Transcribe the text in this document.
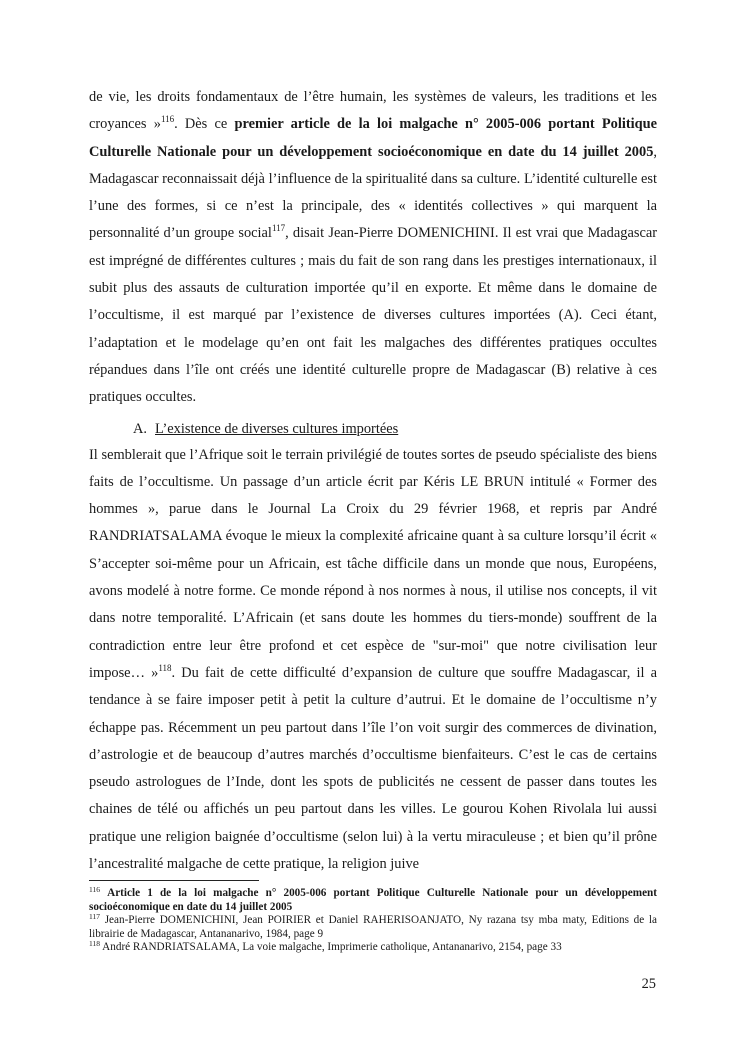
de vie, les droits fondamentaux de l’être humain, les systèmes de valeurs, les traditions et les croyances »$^{116}$. Dès ce premier article de la loi malgache n° 2005-006 portant Politique Culturelle Nationale pour un développement socioéconomique en date du 14 juillet 2005, Madagascar reconnaissait déjà l’influence de la spiritualité dans sa culture. L’identité culturelle est l’une des formes, si ce n’est la principale, des « identités collectives » qui marquent la personnalité d’un groupe social$^{117}$, disait Jean-Pierre DOMENICHINI. Il est vrai que Madagascar est imprégné de différentes cultures ; mais du fait de son rang dans les prestiges internationaux, il subit plus des assauts de culturation importée qu’il en exporte. Et même dans le domaine de l’occultisme, il est marqué par l’existence de diverses cultures importées (A). Ceci étant, l’adaptation et le modelage qu’en ont fait les malgaches des différentes pratiques occultes répandues dans l’île ont créés une identité culturelle propre de Madagascar (B) relative à ces pratiques occultes.

A. L’existence de diverses cultures importées

Il semblerait que l’Afrique soit le terrain privilégié de toutes sortes de pseudo spécialiste des biens faits de l’occultisme. Un passage d’un article écrit par Kéris LE BRUN intitulé « Former des hommes », parue dans le Journal La Croix du 29 février 1968, et repris par André RANDRIATSALAMA évoque le mieux la complexité africaine quant à sa culture lorsqu’il écrit « S’accepter soi-même pour un Africain, est tâche difficile dans un monde que nous, Européens, avons modelé à notre forme. Ce monde répond à nos normes à nous, il utilise nos concepts, il vit dans notre temporalité. L’Africain (et sans doute les hommes du tiers-monde) souffrent de la contradiction entre leur être profond et cet espèce de "sur-moi" que notre civilisation leur impose… »$^{118}$. Du fait de cette difficulté d’expansion de culture que souffre Madagascar, il a tendance à se faire imposer petit à petit la culture d’autrui. Et le domaine de l’occultisme n’y échappe pas. Récemment un peu partout dans l’île l’on voit surgir des commerces de divination, d’astrologie et de beaucoup d’autres marchés d’occultisme bienfaiteurs. C’est le cas de certains pseudo astrologues de l’Inde, dont les spots de publicités ne cessent de passer dans toutes les chaines de télé ou affichés un peu partout dans les villes. Le gourou Kohen Rivolala lui aussi pratique une religion baignée d’occultisme (selon lui) à la vertu miraculeuse ; et bien qu’il prône l’ancestralité malgache de cette pratique, la religion juive

$^{116}$ Article 1 de la loi malgache n° 2005-006 portant Politique Culturelle Nationale pour un développement socioéconomique en date du 14 juillet 2005

$^{117}$ Jean-Pierre DOMENICHINI, Jean POIRIER et Daniel RAHERISOANJATO, Ny razana tsy mba maty, Editions de la librairie de Madagascar, Antananarivo, 1984, page 9

$^{118}$ André RANDRIATSALAMA, La voie malgache, Imprimerie catholique, Antananarivo, 2154, page 33

25
